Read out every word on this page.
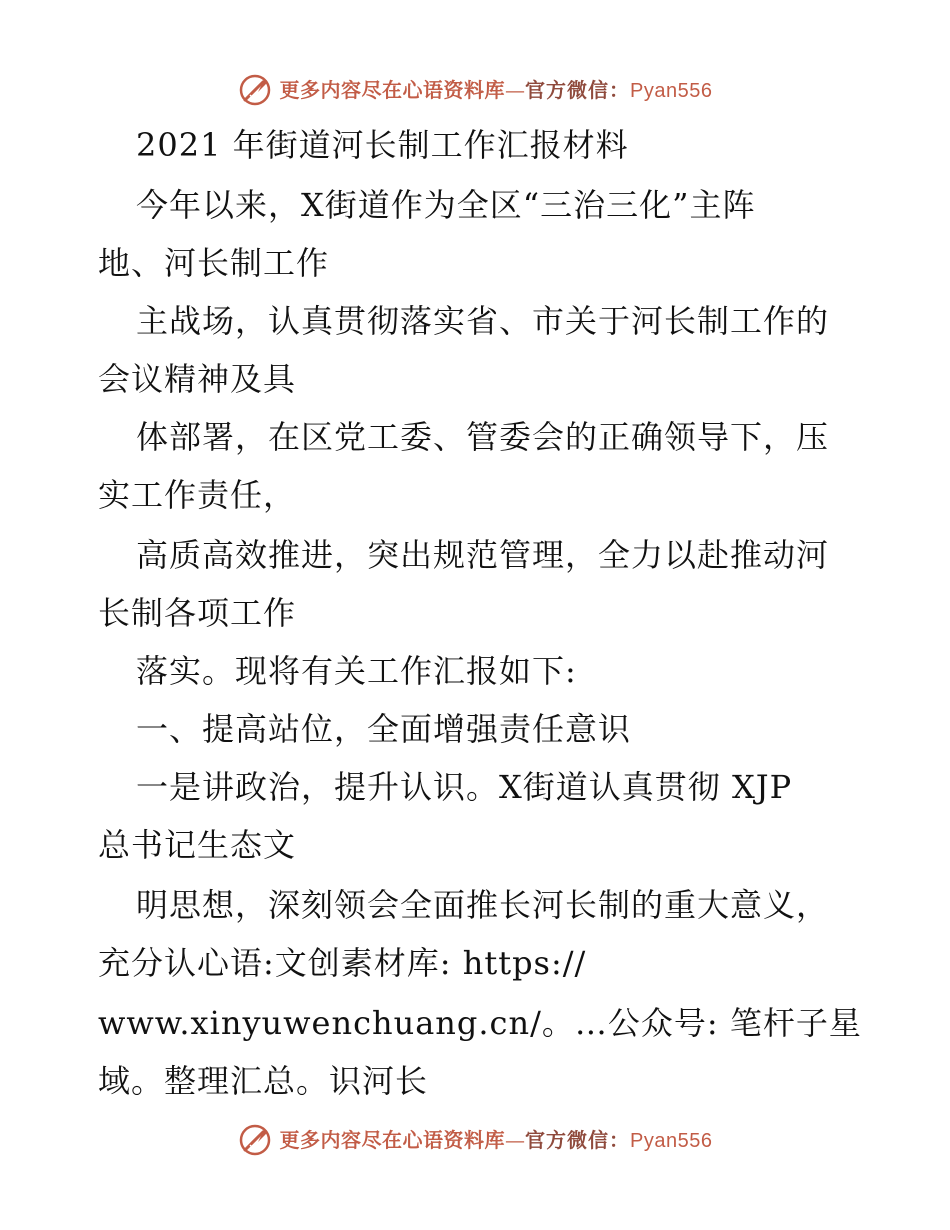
更多内容尽在心语资料库 — 官方微信： Pyan556
2021 年街道河长制工作汇报材料
今年以来，X街道作为全区“三治三化”主阵
地、河长制工作
主战场，认真贯彻落实省、市关于河长制工作的
会议精神及具
体部署，在区党工委、管委会的正确领导下，压
实工作责任，
高质高效推进，突出规范管理，全力以赴推动河
长制各项工作
落实。现将有关工作汇报如下:
一、提高站位，全面增强责任意识
一是讲政治，提升认识。X街道认真贯彻 XJP
总书记生态文
明思想，深刻领会全面推长河长制的重大意义，
充分认心语:文创素材库: https://
www.xinyuwenchuang.cn/。…公众号: 笔杆子星
域。整理汇总。识河长
更多内容尽在心语资料库 — 官方微信： Pyan556
